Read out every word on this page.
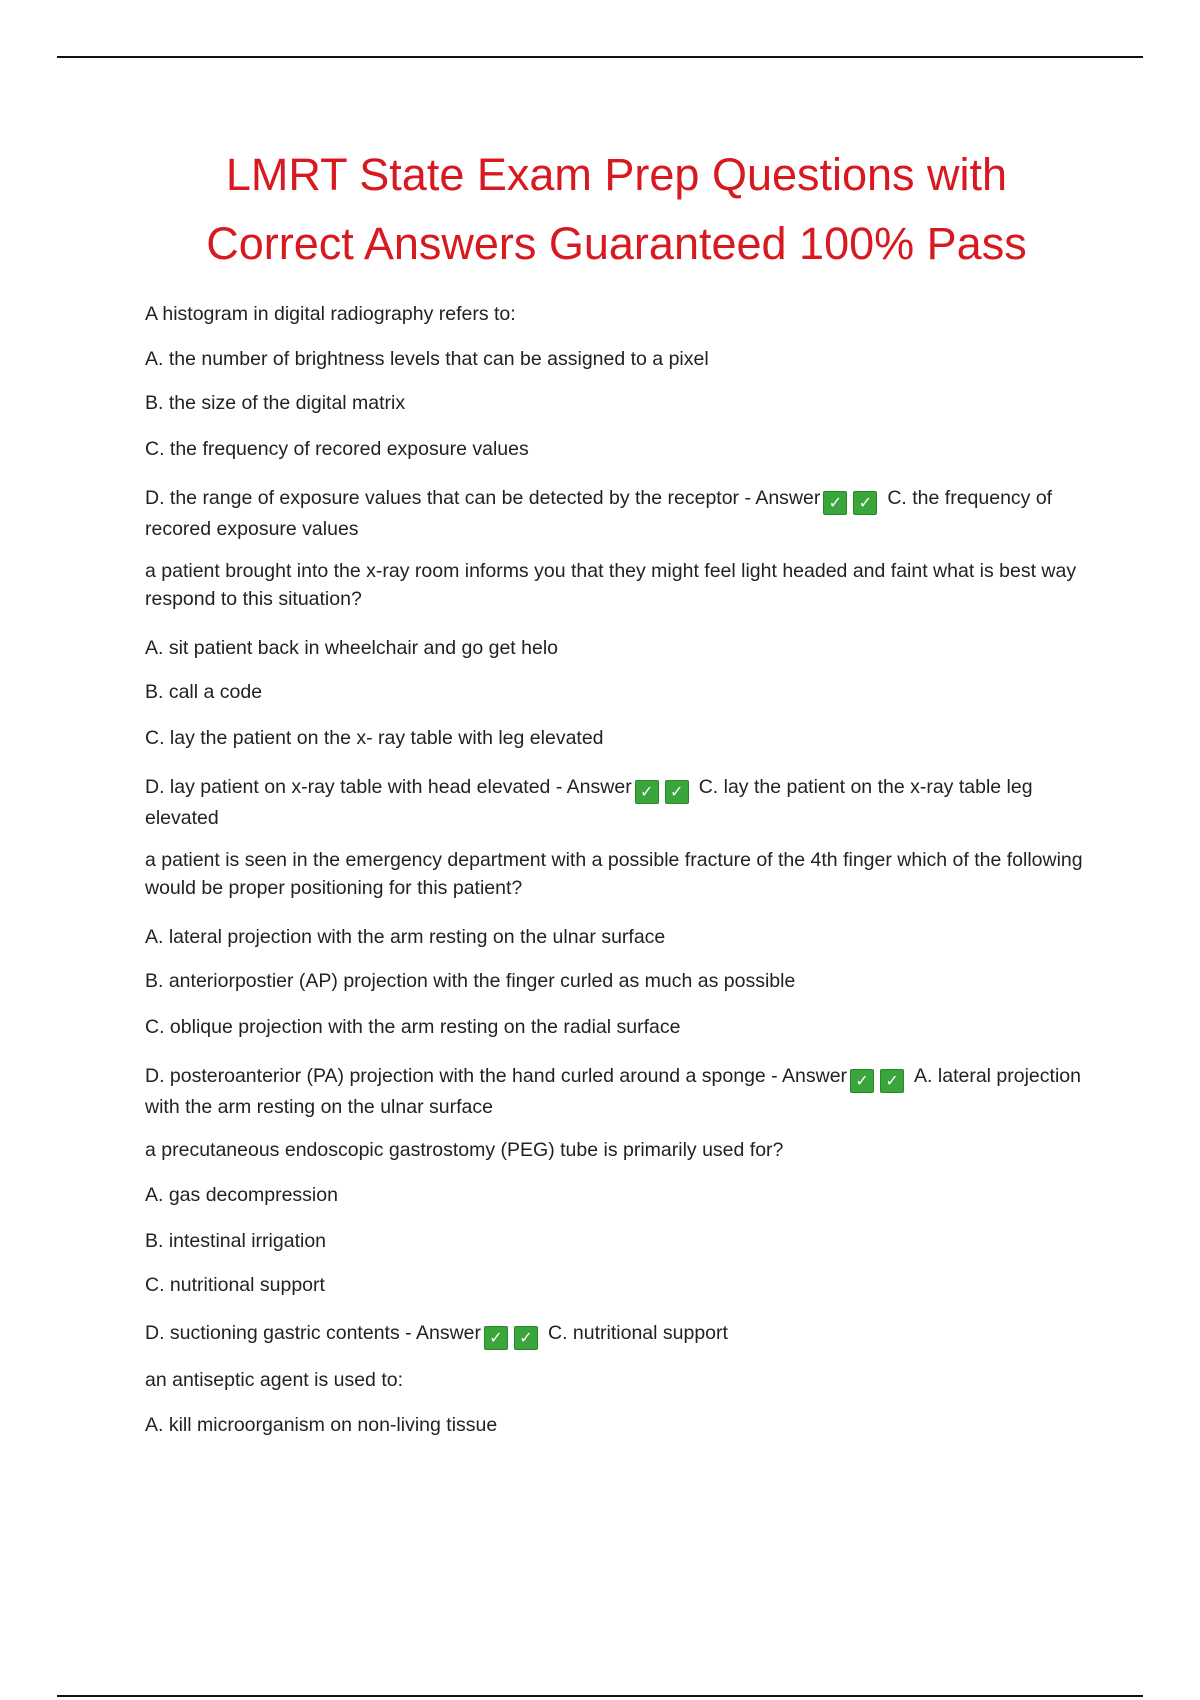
LMRT State Exam Prep Questions with
Correct Answers Guaranteed 100% Pass

A histogram in digital radiography refers to:

A. the number of brightness levels that can be assigned to a pixel

B. the size of the digital matrix

C. the frequency of recored exposure values

D. the range of exposure values that can be detected by the receptor - Answer ✓ ✓ C. the frequency of recored exposure values

a patient brought into the x-ray room informs you that they might feel light headed and faint what is best way respond to this situation?

A. sit patient back in wheelchair and go get helo

B. call a code

C. lay the patient on the x- ray table with leg elevated

D. lay patient on x-ray table with head elevated - Answer ✓ ✓ C. lay the patient on the x-ray table leg elevated

a patient is seen in the emergency department with a possible fracture of the 4th finger which of the following would be proper positioning for this patient?

A. lateral projection with the arm resting on the ulnar surface

B. anteriorpostier (AP) projection with the finger curled as much as possible

C. oblique projection with the arm resting on the radial surface

D. posteroanterior (PA) projection with the hand curled around a sponge - Answer ✓ ✓ A. lateral projection with the arm resting on the ulnar surface

a precutaneous endoscopic gastrostomy (PEG) tube is primarily used for?

A. gas decompression

B. intestinal irrigation

C. nutritional support

D. suctioning gastric contents - Answer ✓ ✓ C. nutritional support

an antiseptic agent is used to:

A. kill microorganism on non-living tissue
